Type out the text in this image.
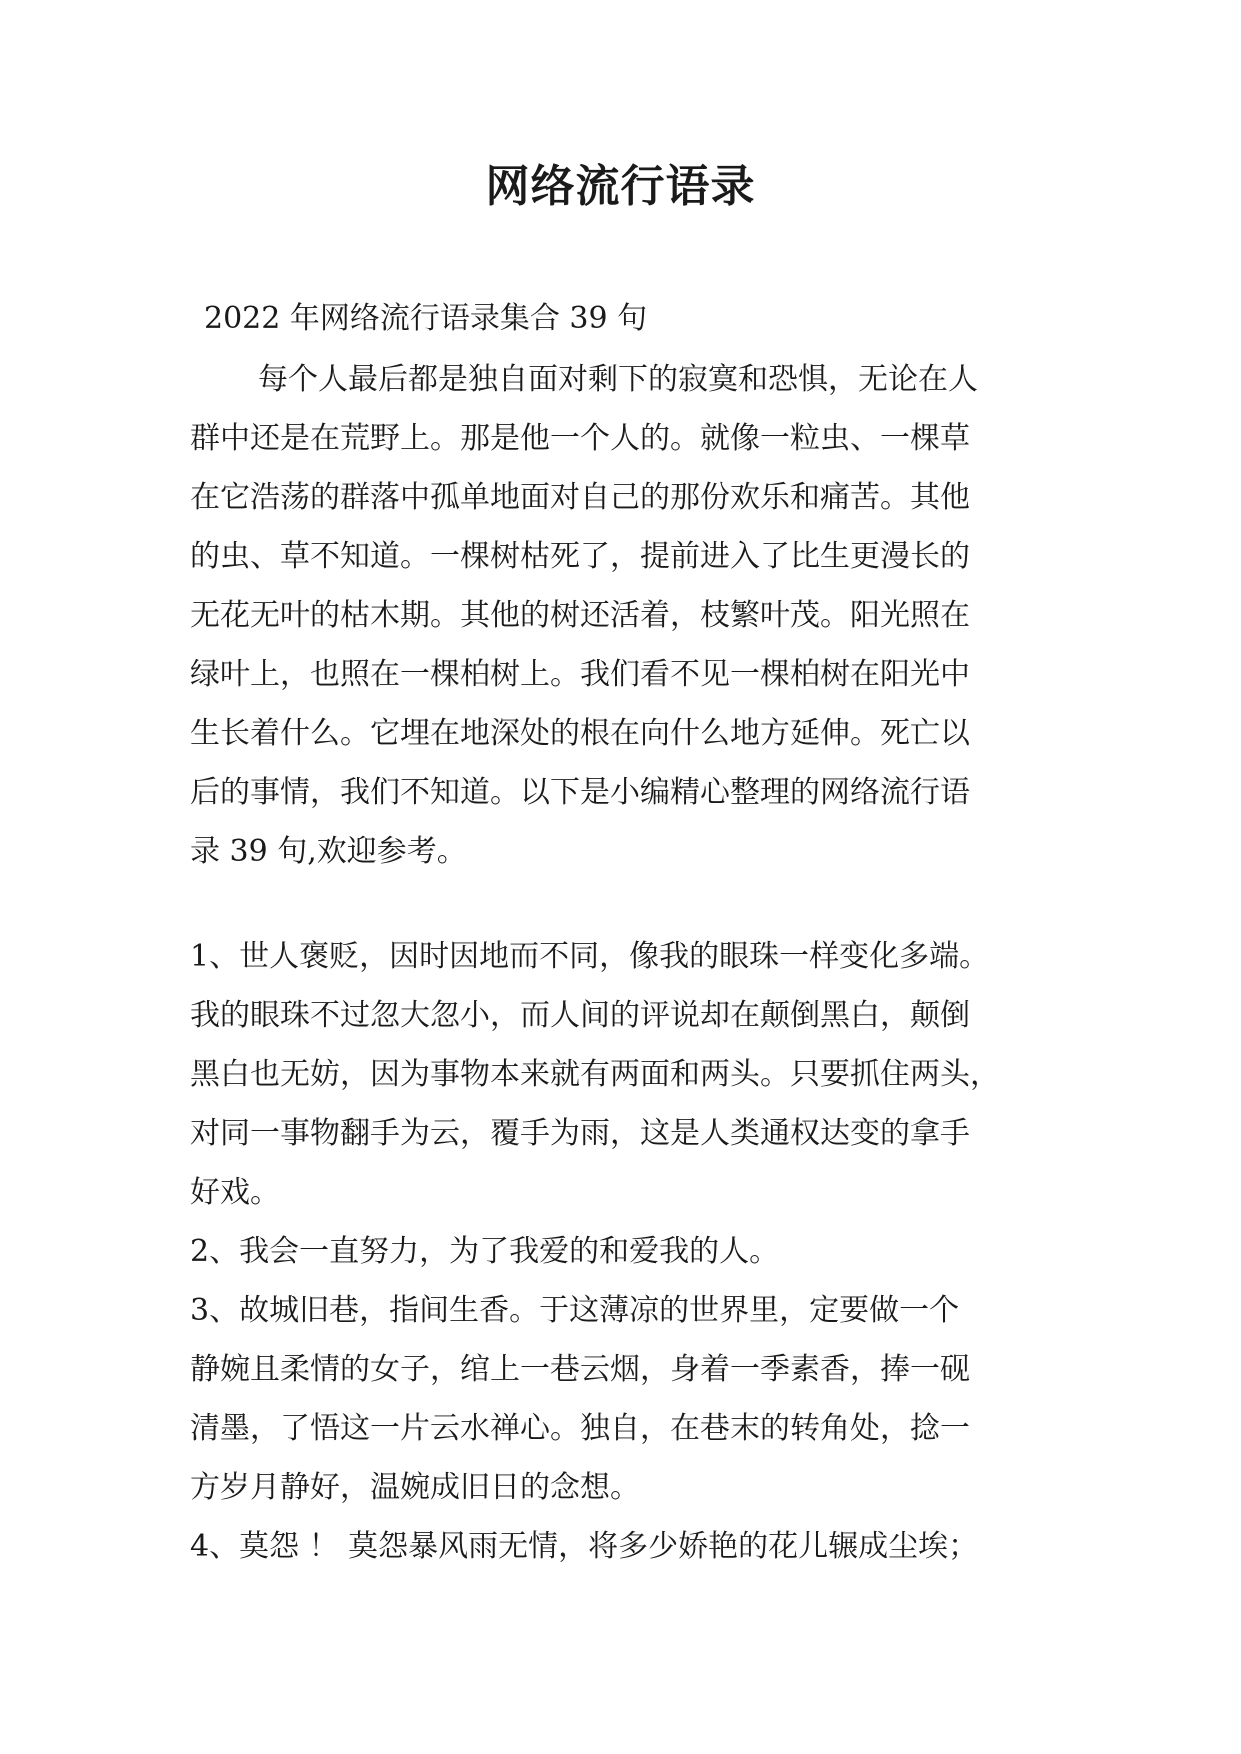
网络流行语录

2022 年网络流行语录集合 39 句

每个人最后都是独自面对剩下的寂寞和恐惧，无论在人
群中还是在荒野上。那是他一个人的。就像一粒虫、一棵草
在它浩荡的群落中孤单地面对自己的那份欢乐和痛苦。其他
的虫、草不知道。一棵树枯死了，提前进入了比生更漫长的
无花无叶的枯木期。其他的树还活着，枝繁叶茂。阳光照在
绿叶上，也照在一棵柏树上。我们看不见一棵柏树在阳光中
生长着什么。它埋在地深处的根在向什么地方延伸。死亡以
后的事情，我们不知道。以下是小编精心整理的网络流行语
录 39 句,欢迎参考。

1、世人褒贬，因时因地而不同，像我的眼珠一样变化多端。
我的眼珠不过忽大忽小，而人间的评说却在颠倒黑白，颠倒
黑白也无妨，因为事物本来就有两面和两头。只要抓住两头，
对同一事物翻手为云，覆手为雨，这是人类通权达变的拿手
好戏。
2、我会一直努力，为了我爱的和爱我的人。
3、故城旧巷，指间生香。于这薄凉的世界里，定要做一个
静婉且柔情的女子，绾上一巷云烟，身着一季素香，捧一砚
清墨，了悟这一片云水禅心。独自，在巷末的转角处，捻一
方岁月静好，温婉成旧日的念想。
4、莫怨 ！ 莫怨暴风雨无情，将多少娇艳的花儿辗成尘埃；
